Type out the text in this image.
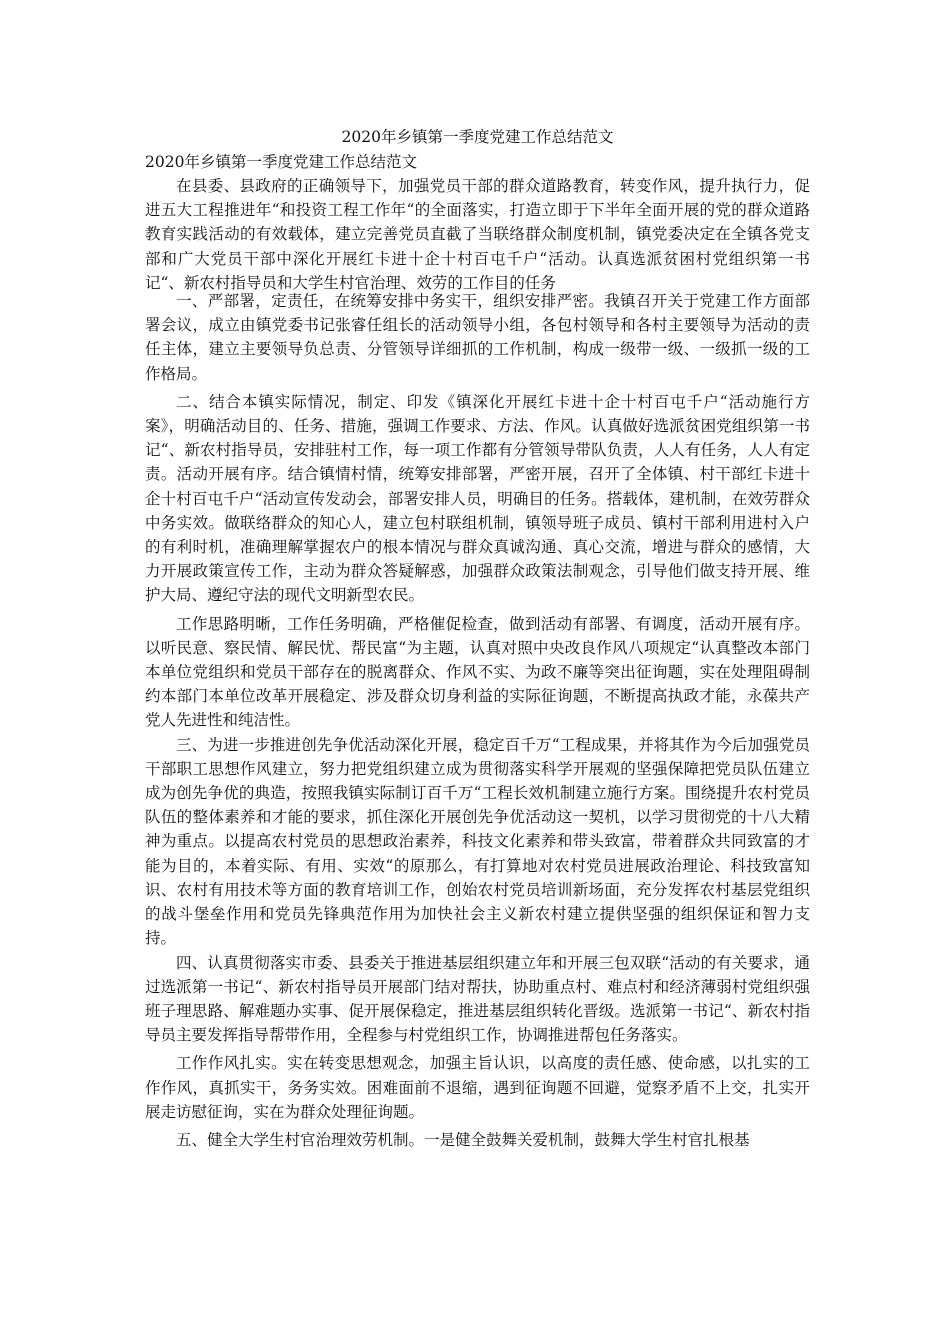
2020年乡镇第一季度党建工作总结范文
2020年乡镇第一季度党建工作总结范文

在县委、县政府的正确领导下，加强党员干部的群众道路教育，转变作风，提升执行力，促进五大工程推进年“和投资工程工作年“的全面落实，打造立即于下半年全面开展的党的群众道路教育实践活动的有效载体，建立完善党员直截了当联络群众制度机制，镇党委决定在全镇各党支部和广大党员干部中深化开展红卡进十企十村百屯千户“活动。认真选派贫困村党组织第一书记“、新农村指导员和大学生村官治理、效劳的工作目的任务

一、严部署，定责任，在统筹安排中务实干，组织安排严密。我镇召开关于党建工作方面部署会议，成立由镇党委书记张睿任组长的活动领导小组，各包村领导和各村主要领导为活动的责任主体，建立主要领导负总责、分管领导详细抓的工作机制，构成一级带一级、一级抓一级的工作格局。

二、结合本镇实际情况，制定、印发《镇深化开展红卡进十企十村百屯千户“活动施行方案》，明确活动目的、任务、措施，强调工作要求、方法、作风。认真做好选派贫困党组织第一书记“、新农村指导员，安排驻村工作，每一项工作都有分管领导带队负责，人人有任务，人人有定责。活动开展有序。结合镇情村情，统筹安排部署，严密开展，召开了全体镇、村干部红卡进十企十村百屯千户“活动宣传发动会，部署安排人员，明确目的任务。搭载体，建机制，在效劳群众中务实效。做联络群众的知心人，建立包村联组机制，镇领导班子成员、镇村干部利用进村入户的有利时机，准确理解掌握农户的根本情况与群众真诚沟通、真心交流，增进与群众的感情，大力开展政策宣传工作，主动为群众答疑解惑，加强群众政策法制观念，引导他们做支持开展、维护大局、遵纪守法的现代文明新型农民。

工作思路明晰，工作任务明确，严格催促检查，做到活动有部署、有调度，活动开展有序。以听民意、察民情、解民忧、帮民富“为主题，认真对照中央改良作风八项规定“认真整改本部门本单位党组织和党员干部存在的脱离群众、作风不实、为政不廉等突出征询题，实在处理阻碍制约本部门本单位改革开展稳定、涉及群众切身利益的实际征询题，不断提高执政才能，永葆共产党人先进性和纯洁性。

三、为进一步推进创先争优活动深化开展，稳定百千万“工程成果，并将其作为今后加强党员干部职工思想作风建立，努力把党组织建立成为贯彻落实科学开展观的坚强保障把党员队伍建立成为创先争优的典造，按照我镇实际制订百千万“工程长效机制建立施行方案。围绕提升农村党员队伍的整体素养和才能的要求，抓住深化开展创先争优活动这一契机，以学习贯彻党的十八大精神为重点。以提高农村党员的思想政治素养，科技文化素养和带头致富，带着群众共同致富的才能为目的，本着实际、有用、实效“的原那么，有打算地对农村党员进展政治理论、科技致富知识、农村有用技术等方面的教育培训工作，创始农村党员培训新场面，充分发挥农村基层党组织的战斗堡垒作用和党员先锋典范作用为加快社会主义新农村建立提供坚强的组织保证和智力支持。

四、认真贯彻落实市委、县委关于推进基层组织建立年和开展三包双联“活动的有关要求，通过选派第一书记“、新农村指导员开展部门结对帮扶，协助重点村、难点村和经济薄弱村党组织强班子理思路、解难题办实事、促开展保稳定，推进基层组织转化晋级。选派第一书记“、新农村指导员主要发挥指导帮带作用，全程参与村党组织工作，协调推进帮包任务落实。

工作作风扎实。实在转变思想观念，加强主旨认识，以高度的责任感、使命感，以扎实的工作作风，真抓实干，务务实效。困难面前不退缩，遇到征询题不回避，觉察矛盾不上交，扎实开展走访慰征询，实在为群众处理征询题。

五、健全大学生村官治理效劳机制。一是健全鼓舞关爱机制，鼓舞大学生村官扎根基
